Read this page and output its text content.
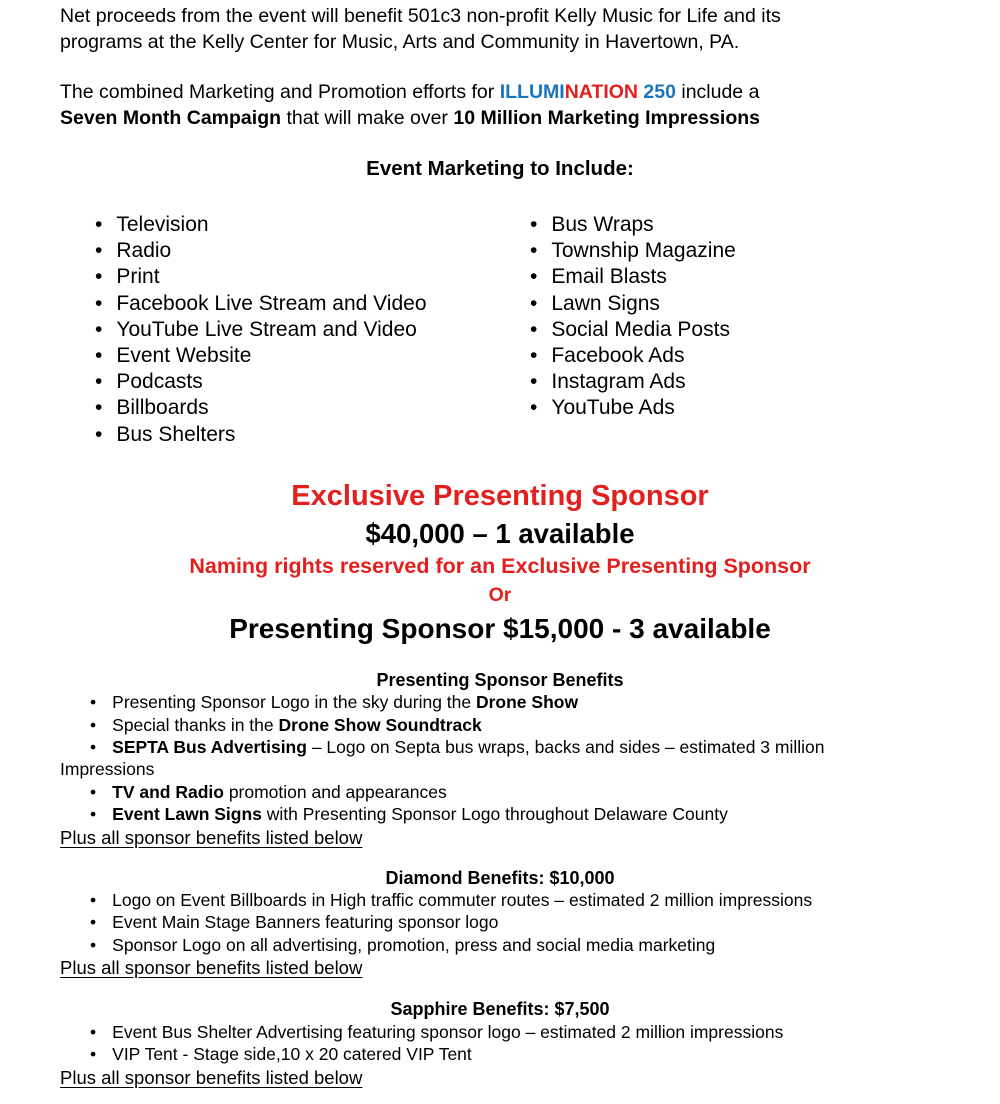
Net proceeds from the event will benefit 501c3 non-profit Kelly Music for Life and its
programs at the Kelly Center for Music, Arts and Community in Havertown, PA.

The combined Marketing and Promotion efforts for ILLUMINATION 250 include a
Seven Month Campaign that will make over 10 Million Marketing Impressions

Event Marketing to Include:
• Television
• Radio
• Print
• Facebook Live Stream and Video
• YouTube Live Stream and Video
• Event Website
• Podcasts
• Billboards
• Bus Shelters
• Bus Wraps
• Township Magazine
• Email Blasts
• Lawn Signs
• Social Media Posts
• Facebook Ads
• Instagram Ads
• YouTube Ads
Exclusive Presenting Sponsor
$40,000 – 1 available
Naming rights reserved for an Exclusive Presenting Sponsor
Or
Presenting Sponsor $15,000 - 3 available
Presenting Sponsor Benefits
• Presenting Sponsor Logo in the sky during the Drone Show
• Special thanks in the Drone Show Soundtrack
• SEPTA Bus Advertising – Logo on Septa bus wraps, backs and sides – estimated 3 million
Impressions
• TV and Radio promotion and appearances
• Event Lawn Signs with Presenting Sponsor Logo throughout Delaware County
Plus all sponsor benefits listed below
Diamond Benefits: $10,000
• Logo on Event Billboards in High traffic commuter routes – estimated 2 million impressions
• Event Main Stage Banners featuring sponsor logo
• Sponsor Logo on all advertising, promotion, press and social media marketing
Plus all sponsor benefits listed below
Sapphire Benefits: $7,500
• Event Bus Shelter Advertising featuring sponsor logo – estimated 2 million impressions
• VIP Tent - Stage side,10 x 20 catered VIP Tent
Plus all sponsor benefits listed below
